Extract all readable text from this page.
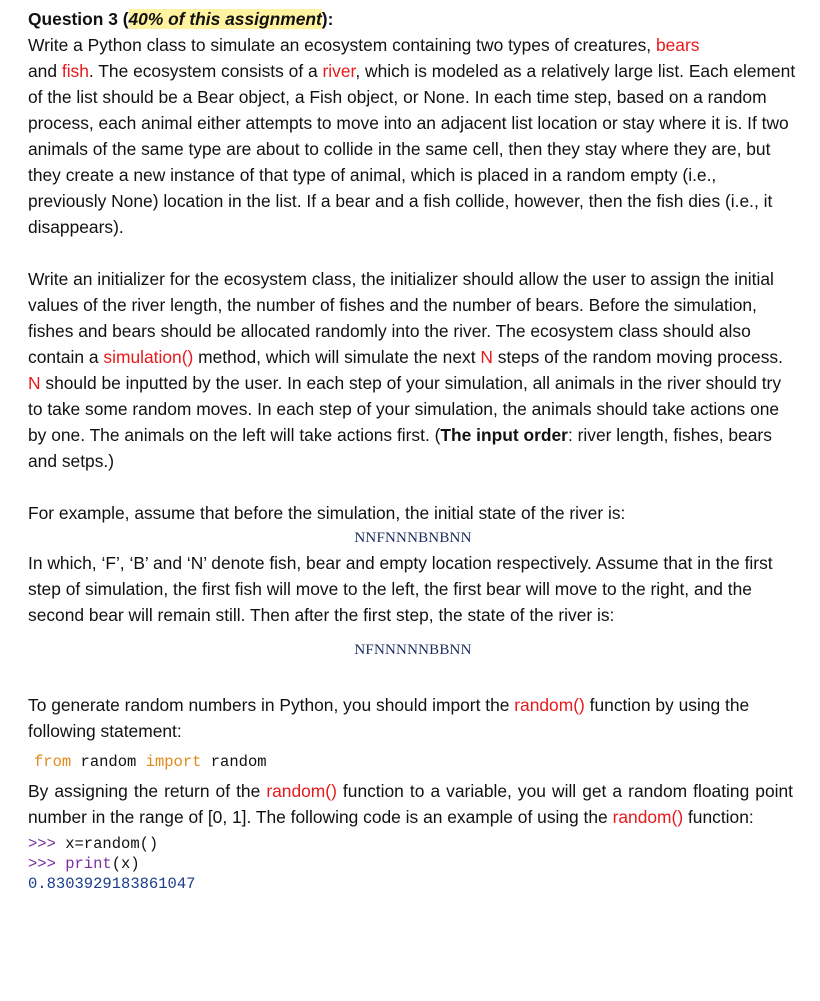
Question 3 (40% of this assignment):

Write a Python class to simulate an ecosystem containing two types of creatures, bears
and fish. The ecosystem consists of a river, which is modeled as a relatively large list. Each element of the list should be a Bear object, a Fish object, or None. In each time step, based on a random process, each animal either attempts to move into an adjacent list location or stay where it is. If two animals of the same type are about to collide in the same cell, then they stay where they are, but they create a new instance of that type of animal, which is placed in a random empty (i.e., previously None) location in the list. If a bear and a fish collide, however, then the fish dies (i.e., it disappears).

Write an initializer for the ecosystem class, the initializer should allow the user to assign the initial values of the river length, the number of fishes and the number of bears. Before the simulation, fishes and bears should be allocated randomly into the river. The ecosystem class should also contain a simulation() method, which will simulate the next N steps of the random moving process. N should be inputted by the user. In each step of your simulation, all animals in the river should try to take some random moves. In each step of your simulation, the animals should take actions one by one. The animals on the left will take actions first. (The input order: river length, fishes, bears and setps.)

For example, assume that before the simulation, the initial state of the river is:

NNFNNNBNBNN

In which, ‘F’, ‘B’ and ‘N’ denote fish, bear and empty location respectively. Assume that in the first step of simulation, the first fish will move to the left, the first bear will move to the right, and the second bear will remain still. Then after the first step, the state of the river is:

NFNNNNNBBNN

To generate random numbers in Python, you should import the random() function by using the following statement:

from random import random

By assigning the return of the random() function to a variable, you will get a random floating point number in the range of [0, 1]. The following code is an example of using the random() function:

>>> x=random()
>>> print(x)
0.8303929183861047
